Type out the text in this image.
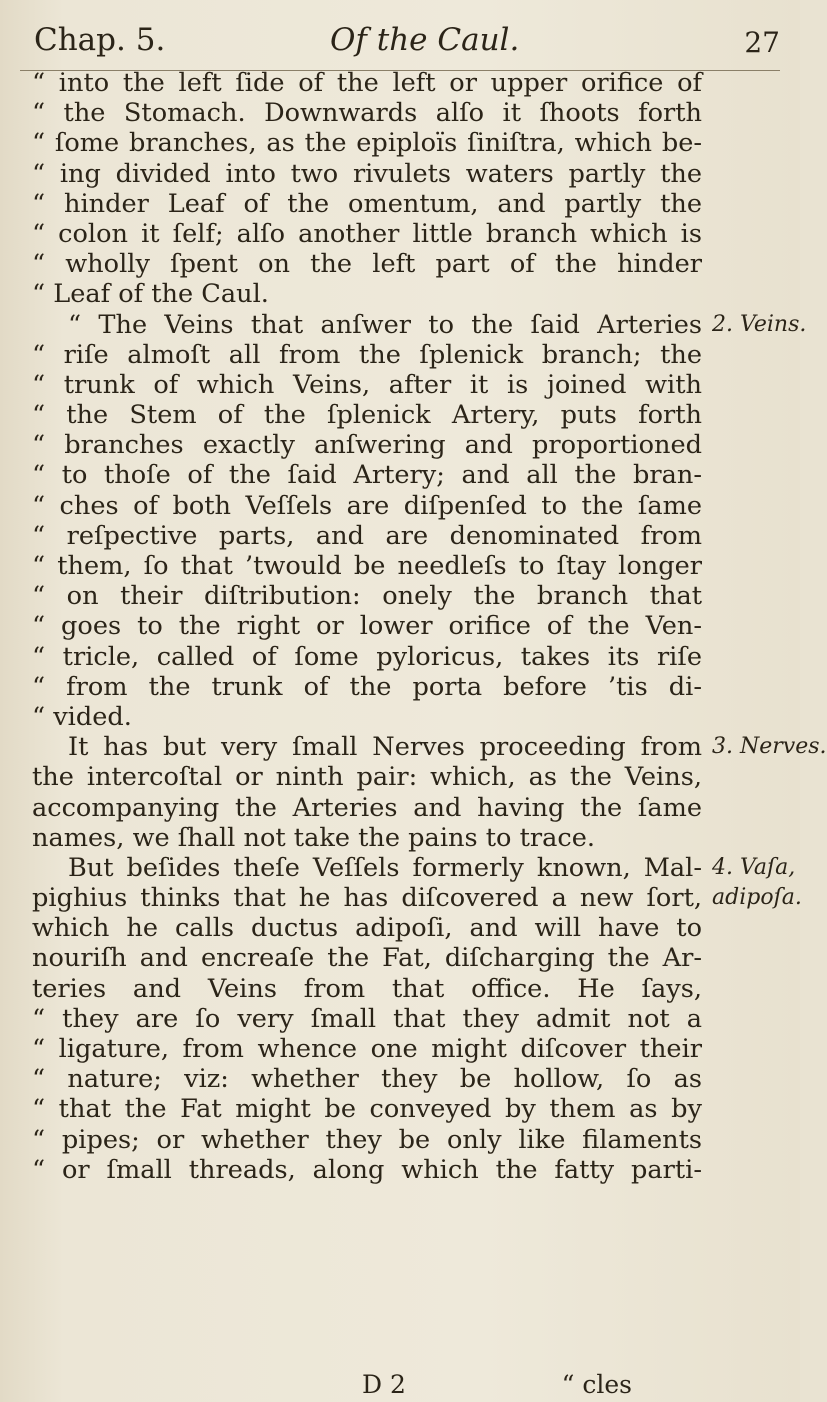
Chap. 5.	Of the Caul.	27
“ into the left ſide of the left or upper orifice of
“ the Stomach. Downwards alſo it ſhoots forth
“ ſome branches, as the epiploïs ſiniſtra, which be-
“ ing divided into two rivulets waters partly the
“ hinder Leaf of the omentum, and partly the
“ colon it ſelf; alſo another little branch which is
“ wholly ſpent on the left part of the hinder
“ Leaf of the Caul.
“ The Veins that anſwer to the ſaid Arteries
“ riſe almoſt all from the ſplenick branch; the
“ trunk of which Veins, after it is joined with
“ the Stem of the ſplenick Artery, puts forth
“ branches exactly anſwering and proportioned
“ to thoſe of the ſaid Artery; and all the bran-
“ ches of both Veſſels are diſpenſed to the ſame
“ reſpective parts, and are denominated from
“ them, ſo that ’twould be needleſs to ſtay longer
“ on their diſtribution: onely the branch that
“ goes to the right or lower orifice of the Ven-
“ tricle, called of ſome pyloricus, takes its riſe
“ from the trunk of the porta before ’tis di-
“ vided.
It has but very ſmall Nerves proceeding from
the intercoſtal or ninth pair: which, as the Veins,
accompanying the Arteries and having the ſame
names, we ſhall not take the pains to trace.
But beſides theſe Veſſels formerly known, Mal-
pighius thinks that he has diſcovered a new ſort,
which he calls ductus adipoſi, and will have to
nouriſh and encreaſe the Fat, diſcharging the Ar-
teries and Veins from that office. He ſays,
“ they are ſo very ſmall that they admit not a
“ ligature, from whence one might diſcover their
“ nature; viz: whether they be hollow, ſo as
“ that the Fat might be conveyed by them as by
“ pipes; or whether they be only like filaments
“ or ſmall threads, along which the fatty parti-
2. Veins.
3. Nerves.
4. Vaſa,
adipoſa.
D 2	“ cles
